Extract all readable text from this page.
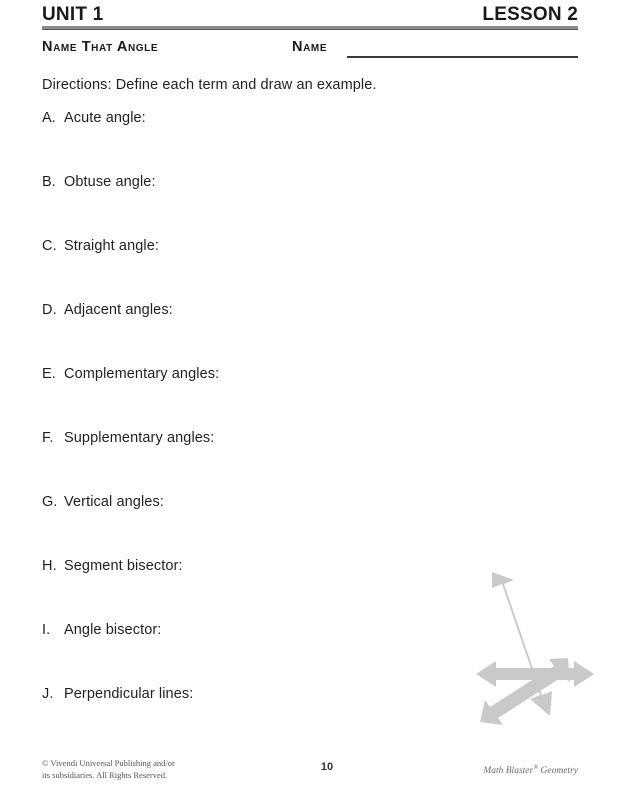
UNIT 1	LESSON 2
Name That Angle	Name
Directions: Define each term and draw an example.
A. Acute angle:
B. Obtuse angle:
C. Straight angle:
D. Adjacent angles:
E. Complementary angles:
F. Supplementary angles:
G. Vertical angles:
H. Segment bisector:
I. Angle bisector:
J. Perpendicular lines:
© Vivendi Universal Publishing and/or
its subsidiaries. All Rights Reserved.
10	Math Blaster® Geometry
